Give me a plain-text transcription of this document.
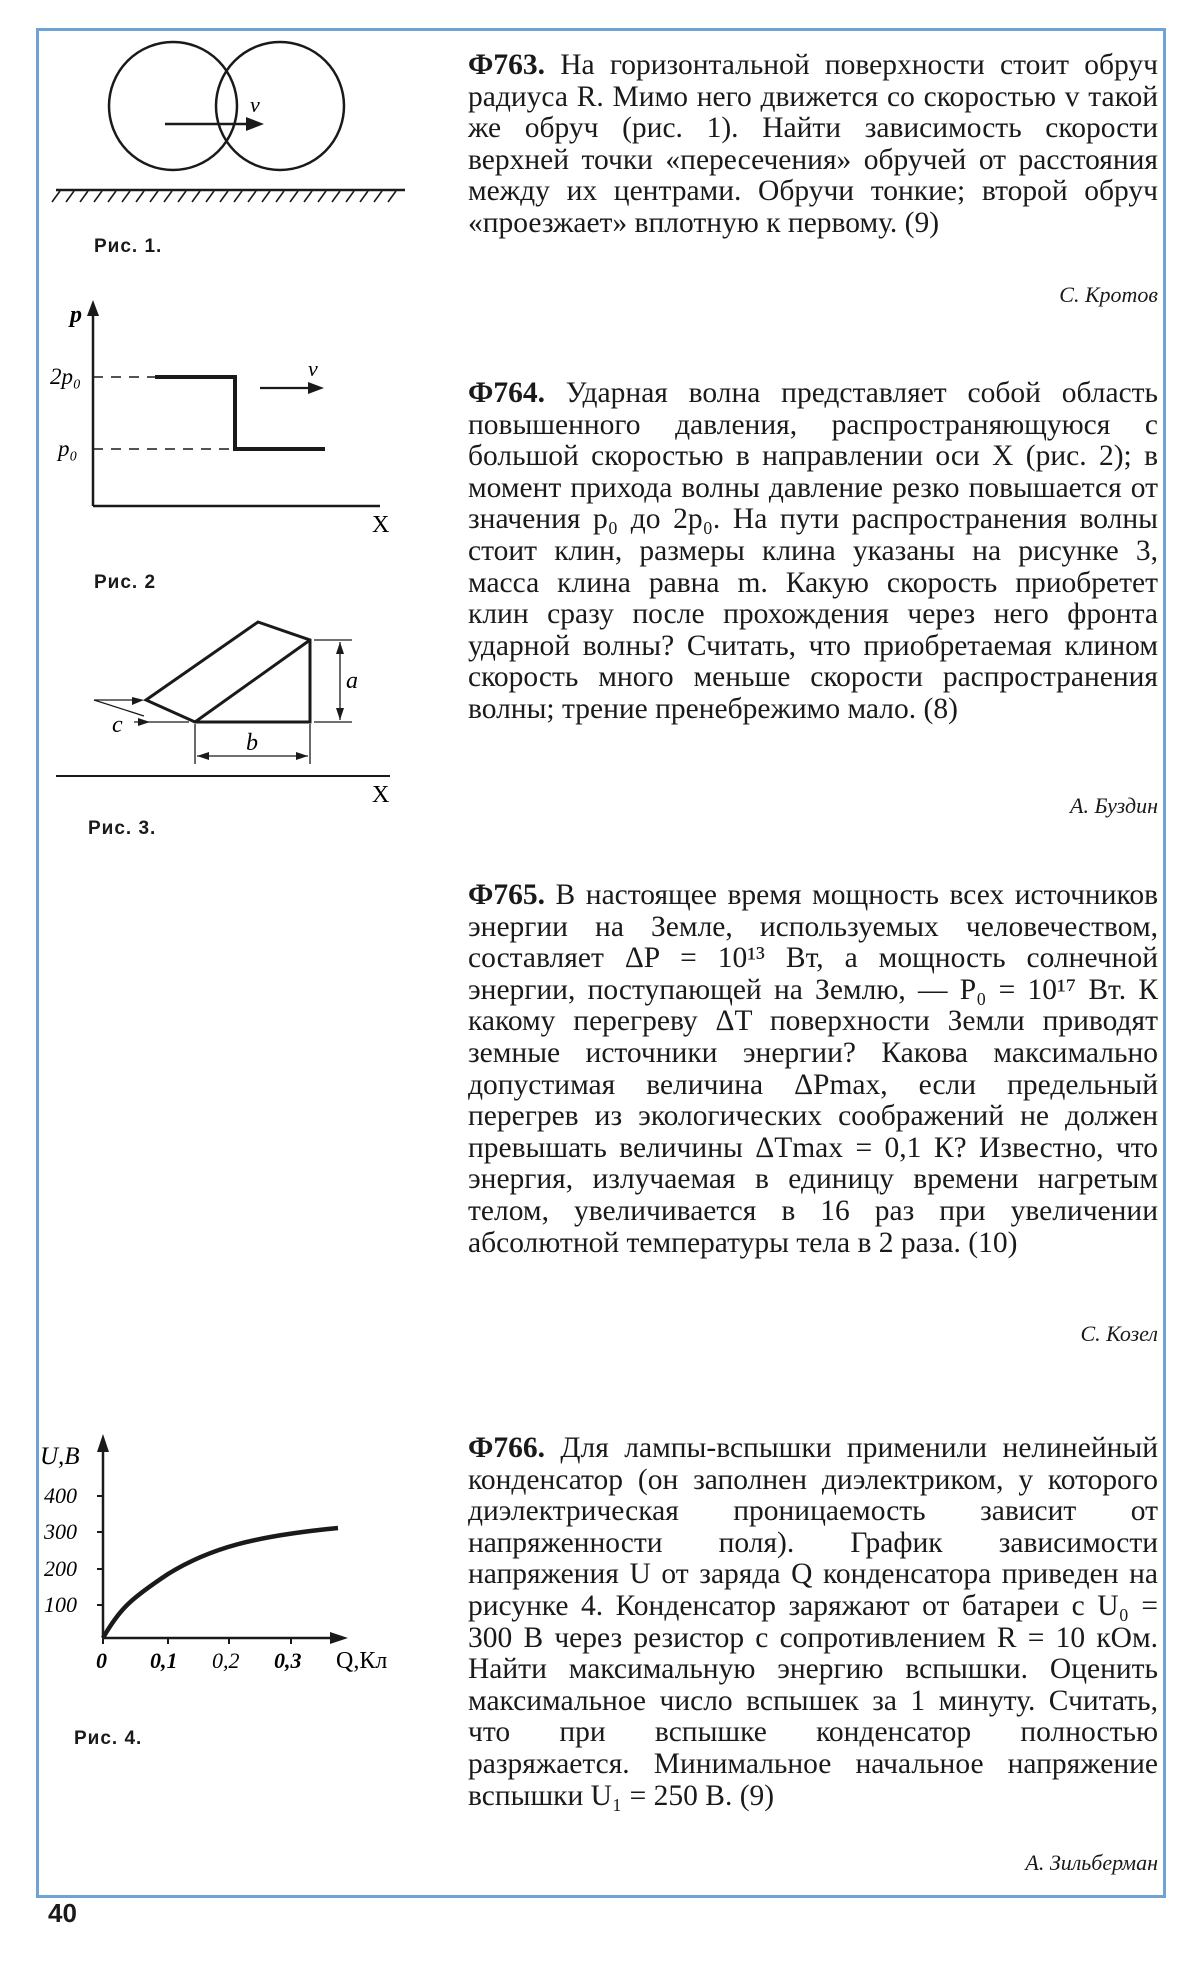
v
Рис. 1.
p
X
2p₀
p₀
v
Рис. 2
a
b
c
X
Рис. 3.
U,В
400
300
200
100
0 0,1 0,2 0,3 Q,Кл
Рис. 4.
Ф763. На горизонтальной поверхности стоит обруч радиуса R. Мимо него движется со скоростью v такой же обруч (рис. 1). Найти зависимость скорости верхней точки «пересечения» обручей от расстояния между их центрами. Обручи тонкие; второй обруч «проезжает» вплотную к первому. (9)
С. Кротов
Ф764. Ударная волна представляет собой область повышенного давления, распространяющуюся с большой скоростью в направлении оси X (рис. 2); в момент прихода волны давление резко повышается от значения p₀ до 2p₀. На пути распространения волны стоит клин, размеры клина указаны на рисунке 3, масса клина равна m. Какую скорость приобретет клин сразу после прохождения через него фронта ударной волны? Считать, что приобретаемая клином скорость много меньше скорости распространения волны; трение пренебрежимо мало. (8)
А. Буздин
Ф765. В настоящее время мощность всех источников энергии на Земле, используемых человечеством, составляет ΔP = 10¹³ Вт, а мощность солнечной энергии, поступающей на Землю, — P₀ = 10¹⁷ Вт. К какому перегреву ΔT поверхности Земли приводят земные источники энергии? Какова максимально допустимая величина ΔPmax, если предельный перегрев из экологических соображений не должен превышать величины ΔTmax = 0,1 К? Известно, что энергия, излучаемая в единицу времени нагретым телом, увеличивается в 16 раз при увеличении абсолютной температуры тела в 2 раза. (10)
С. Козел
Ф766. Для лампы-вспышки применили нелинейный конденсатор (он заполнен диэлектриком, у которого диэлектрическая проницаемость зависит от напряженности поля). График зависимости напряжения U от заряда Q конденсатора приведен на рисунке 4. Конденсатор заряжают от батареи с U₀ = 300 В через резистор с сопротивлением R = 10 кОм. Найти максимальную энергию вспышки. Оценить максимальное число вспышек за 1 минуту. Считать, что при вспышке конденсатор полностью разряжается. Минимальное начальное напряжение вспышки U₁ = 250 В. (9)
А. Зильберман
40
